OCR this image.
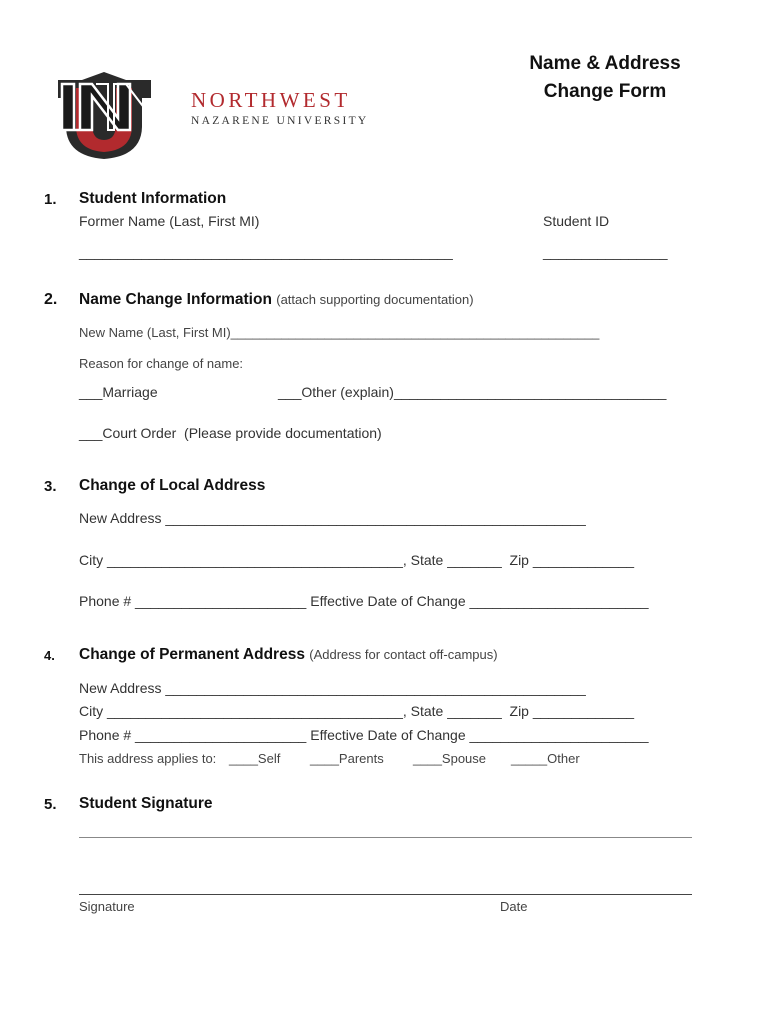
NORTHWEST
NAZARENE UNIVERSITY
Name & Address
Change Form
1. Student Information
Former Name (Last, First MI)	Student ID
________________________________________________	________________
2. Name Change Information (attach supporting documentation)
New Name (Last, First MI)___________________________________________________
Reason for change of name:
___Marriage	___Other (explain)___________________________________
___Court Order  (Please provide documentation)
3. Change of Local Address
New Address ______________________________________________________
City ______________________________________, State _______  Zip _____________
Phone # ______________________ Effective Date of Change _______________________
4. Change of Permanent Address (Address for contact off-campus)
New Address ______________________________________________________
City ______________________________________, State _______  Zip _____________
Phone # ______________________ Effective Date of Change _______________________
This address applies to: ____Self ____Parents ____Spouse _____Other
5. Student Signature
Signature	Date
